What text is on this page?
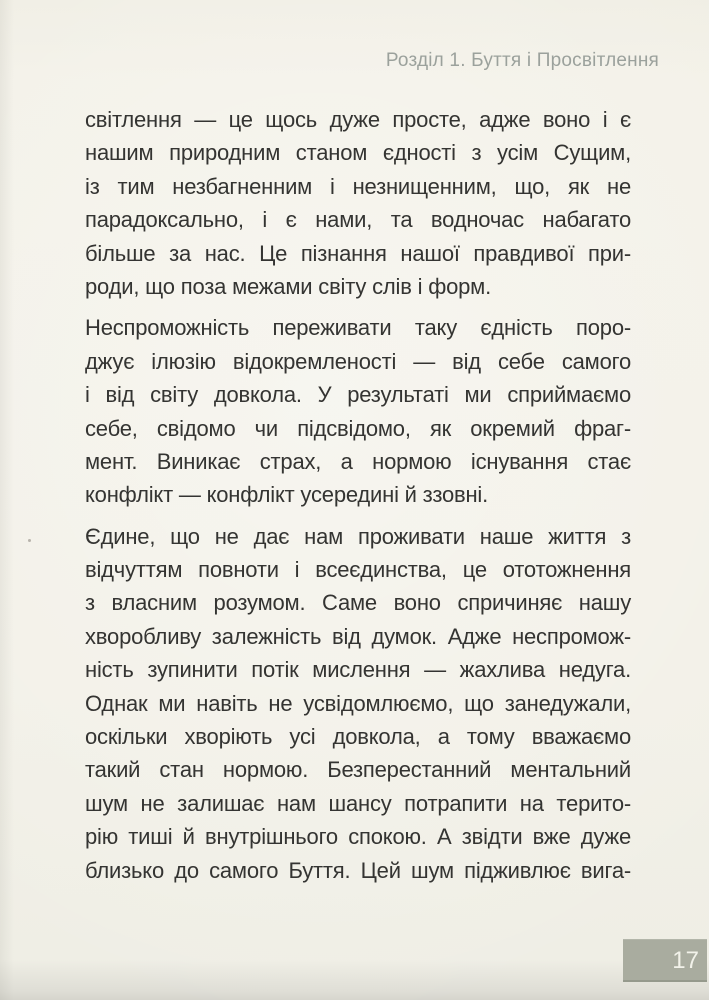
Розділ 1. Буття і Просвітлення
світлення — це щось дуже просте, адже воно і є
нашим природним станом єдності з усім Сущим,
із тим незбагненним і незнищенним, що, як не
парадоксально, і є нами, та водночас набагато
більше за нас. Це пізнання нашої правдивої при-
роди, що поза межами світу слів і форм.
Неспроможність переживати таку єдність поро-
джує ілюзію відокремленості — від себе самого
і від світу довкола. У результаті ми сприймаємо
себе, свідомо чи підсвідомо, як окремий фраг-
мент. Виникає страх, а нормою існування стає
конфлікт — конфлікт усередині й ззовні.
Єдине, що не дає нам проживати наше життя з
відчуттям повноти і всеєдинства, це ототожнення
з власним розумом. Саме воно спричиняє нашу
хворобливу залежність від думок. Адже неспромож-
ність зупинити потік мислення — жахлива недуга.
Однак ми навіть не усвідомлюємо, що занедужали,
оскільки хворіють усі довкола, а тому вважаємо
такий стан нормою. Безперестанний ментальний
шум не залишає нам шансу потрапити на терито-
рію тиші й внутрішнього спокою. А звідти вже дуже
близько до самого Буття. Цей шум підживлює вига-
17
